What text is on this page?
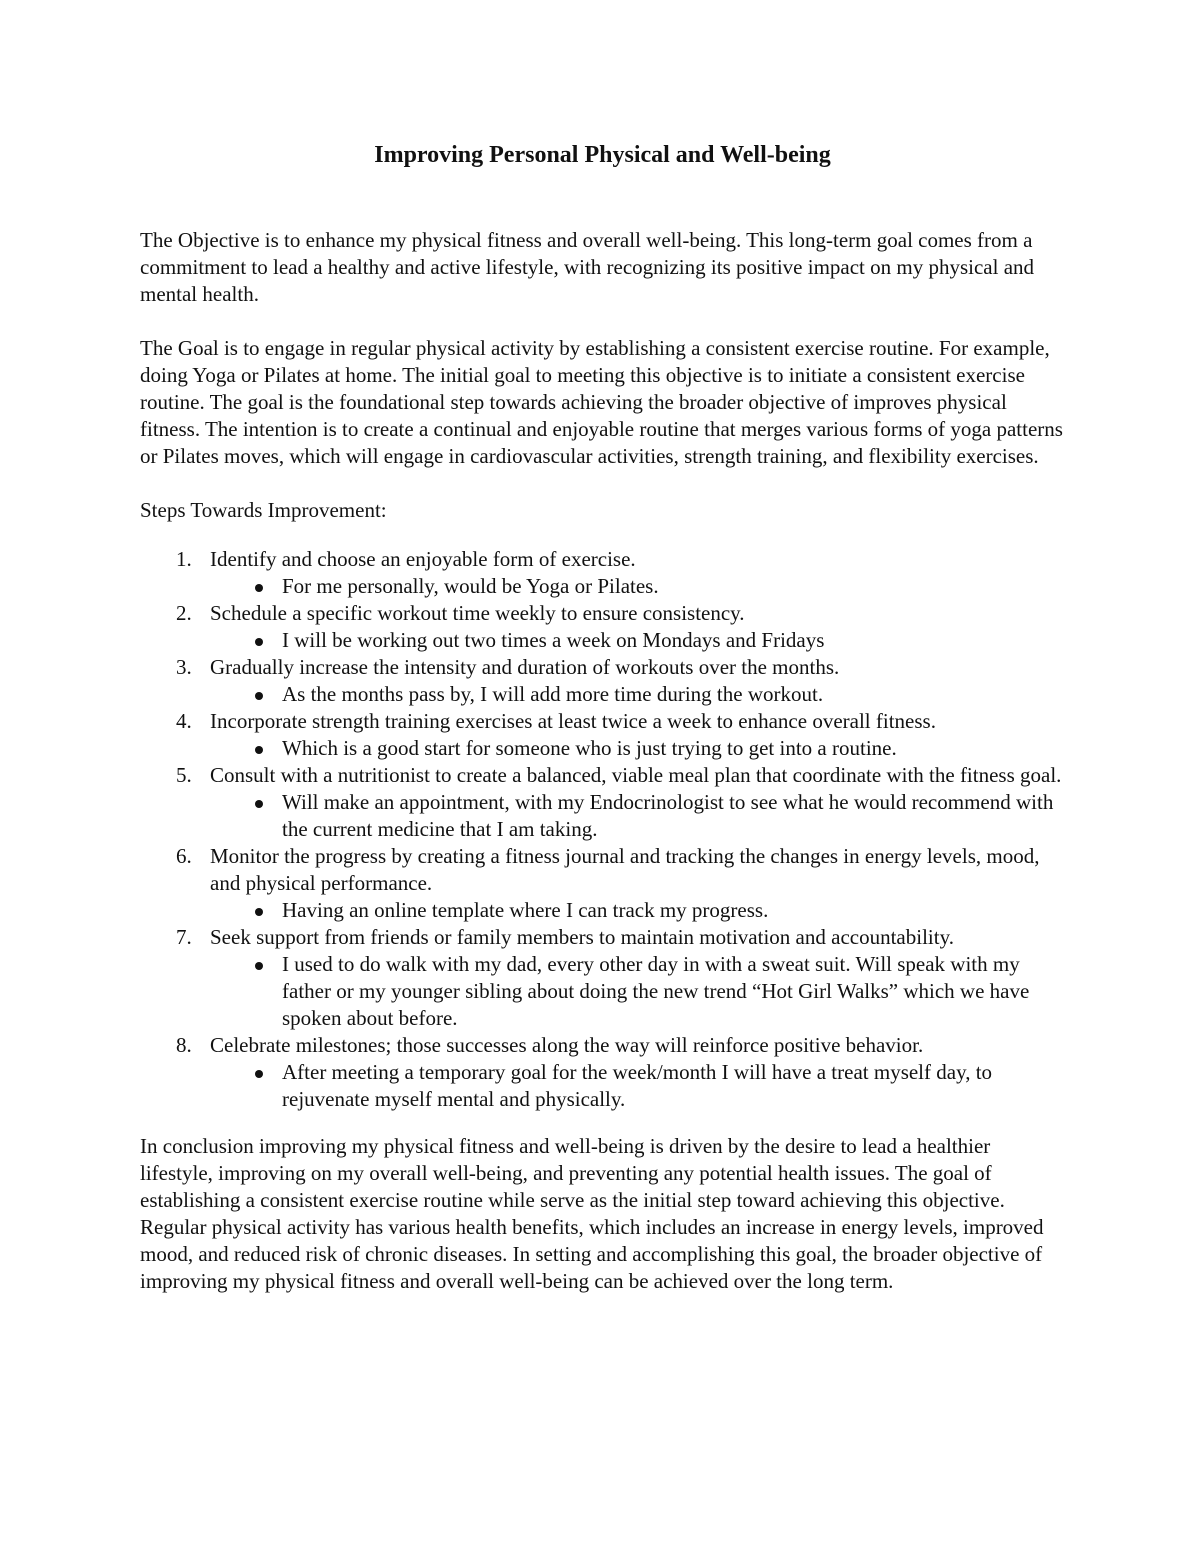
Improving Personal Physical and Well-being

The Objective is to enhance my physical fitness and overall well-being. This long-term goal comes from a commitment to lead a healthy and active lifestyle, with recognizing its positive impact on my physical and mental health.

The Goal is to engage in regular physical activity by establishing a consistent exercise routine. For example, doing Yoga or Pilates at home. The initial goal to meeting this objective is to initiate a consistent exercise routine. The goal is the foundational step towards achieving the broader objective of improves physical fitness. The intention is to create a continual and enjoyable routine that merges various forms of yoga patterns or Pilates moves, which will engage in cardiovascular activities, strength training, and flexibility exercises.

Steps Towards Improvement:
1. Identify and choose an enjoyable form of exercise.
For me personally, would be Yoga or Pilates.
2. Schedule a specific workout time weekly to ensure consistency.
I will be working out two times a week on Mondays and Fridays
3. Gradually increase the intensity and duration of workouts over the months.
As the months pass by, I will add more time during the workout.
4. Incorporate strength training exercises at least twice a week to enhance overall fitness.
Which is a good start for someone who is just trying to get into a routine.
5. Consult with a nutritionist to create a balanced, viable meal plan that coordinate with the fitness goal.
Will make an appointment, with my Endocrinologist to see what he would recommend with the current medicine that I am taking.
6. Monitor the progress by creating a fitness journal and tracking the changes in energy levels, mood, and physical performance.
Having an online template where I can track my progress.
7. Seek support from friends or family members to maintain motivation and accountability.
I used to do walk with my dad, every other day in with a sweat suit. Will speak with my father or my younger sibling about doing the new trend “Hot Girl Walks” which we have spoken about before.
8. Celebrate milestones; those successes along the way will reinforce positive behavior.
After meeting a temporary goal for the week/month I will have a treat myself day, to rejuvenate myself mental and physically.

In conclusion improving my physical fitness and well-being is driven by the desire to lead a healthier lifestyle, improving on my overall well-being, and preventing any potential health issues. The goal of establishing a consistent exercise routine while serve as the initial step toward achieving this objective. Regular physical activity has various health benefits, which includes an increase in energy levels, improved mood, and reduced risk of chronic diseases. In setting and accomplishing this goal, the broader objective of improving my physical fitness and overall well-being can be achieved over the long term.
